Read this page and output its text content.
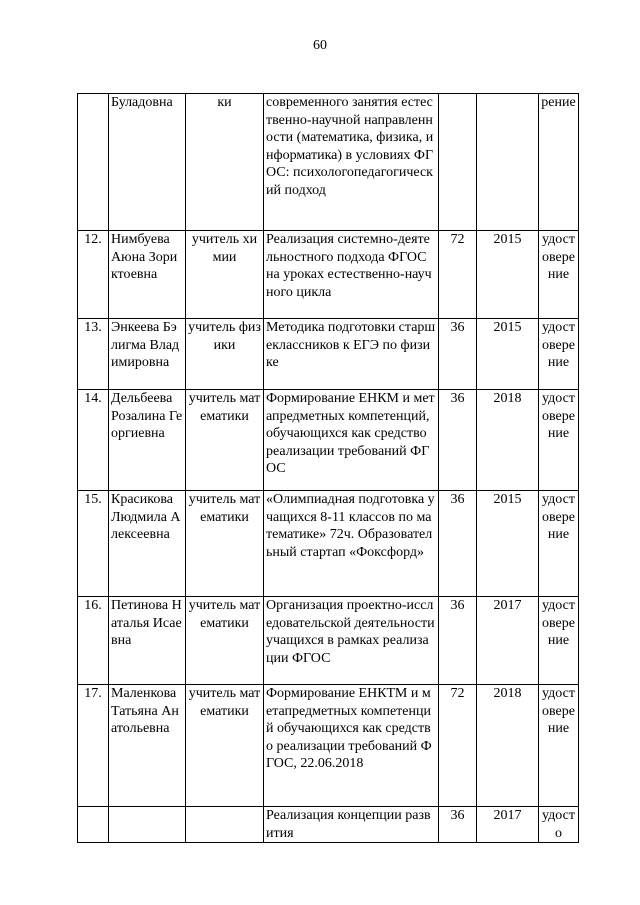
60
	Буладовна	ки	современного занятия естественно-научной направленности (математика, физика, информатика) в условиях ФГОС: психологопедагогический подход			рение
12.	Нимбуева Аюна Зориктоевна	учитель химии	Реализация системно-деятельностного подхода ФГОС на уроках естественно-научного цикла	72	2015	удостоверение
13.	Энкеева Бэлигма Владимировна	учитель физики	Методика подготовки старшеклассников к ЕГЭ по физике	36	2015	удостоверение
14.	Дельбеева Розалина Георгиевна	учитель математики	Формирование ЕНКМ и метапредметных компетенций, обучающихся как средство реализации требований ФГОС	36	2018	удостоверение
15.	Красикова Людмила Алексеевна	учитель математики	«Олимпиадная подготовка учащихся 8-11 классов по математике» 72ч. Образовательный стартап «Фоксфорд»	36	2015	удостоверение
16.	Петинова Наталья Исаевна	учитель математики	Организация проектно-исследовательской деятельности учащихся в рамках реализации ФГОС	36	2017	удостоверение
17.	Маленкова Татьяна Анатольевна	учитель математики	Формирование ЕНКТМ и метапредметных компетенций обучающихся как средство реализации требований ФГОС, 22.06.2018	72	2018	удостоверение
			Реализация концепции развития	36	2017	удосто
